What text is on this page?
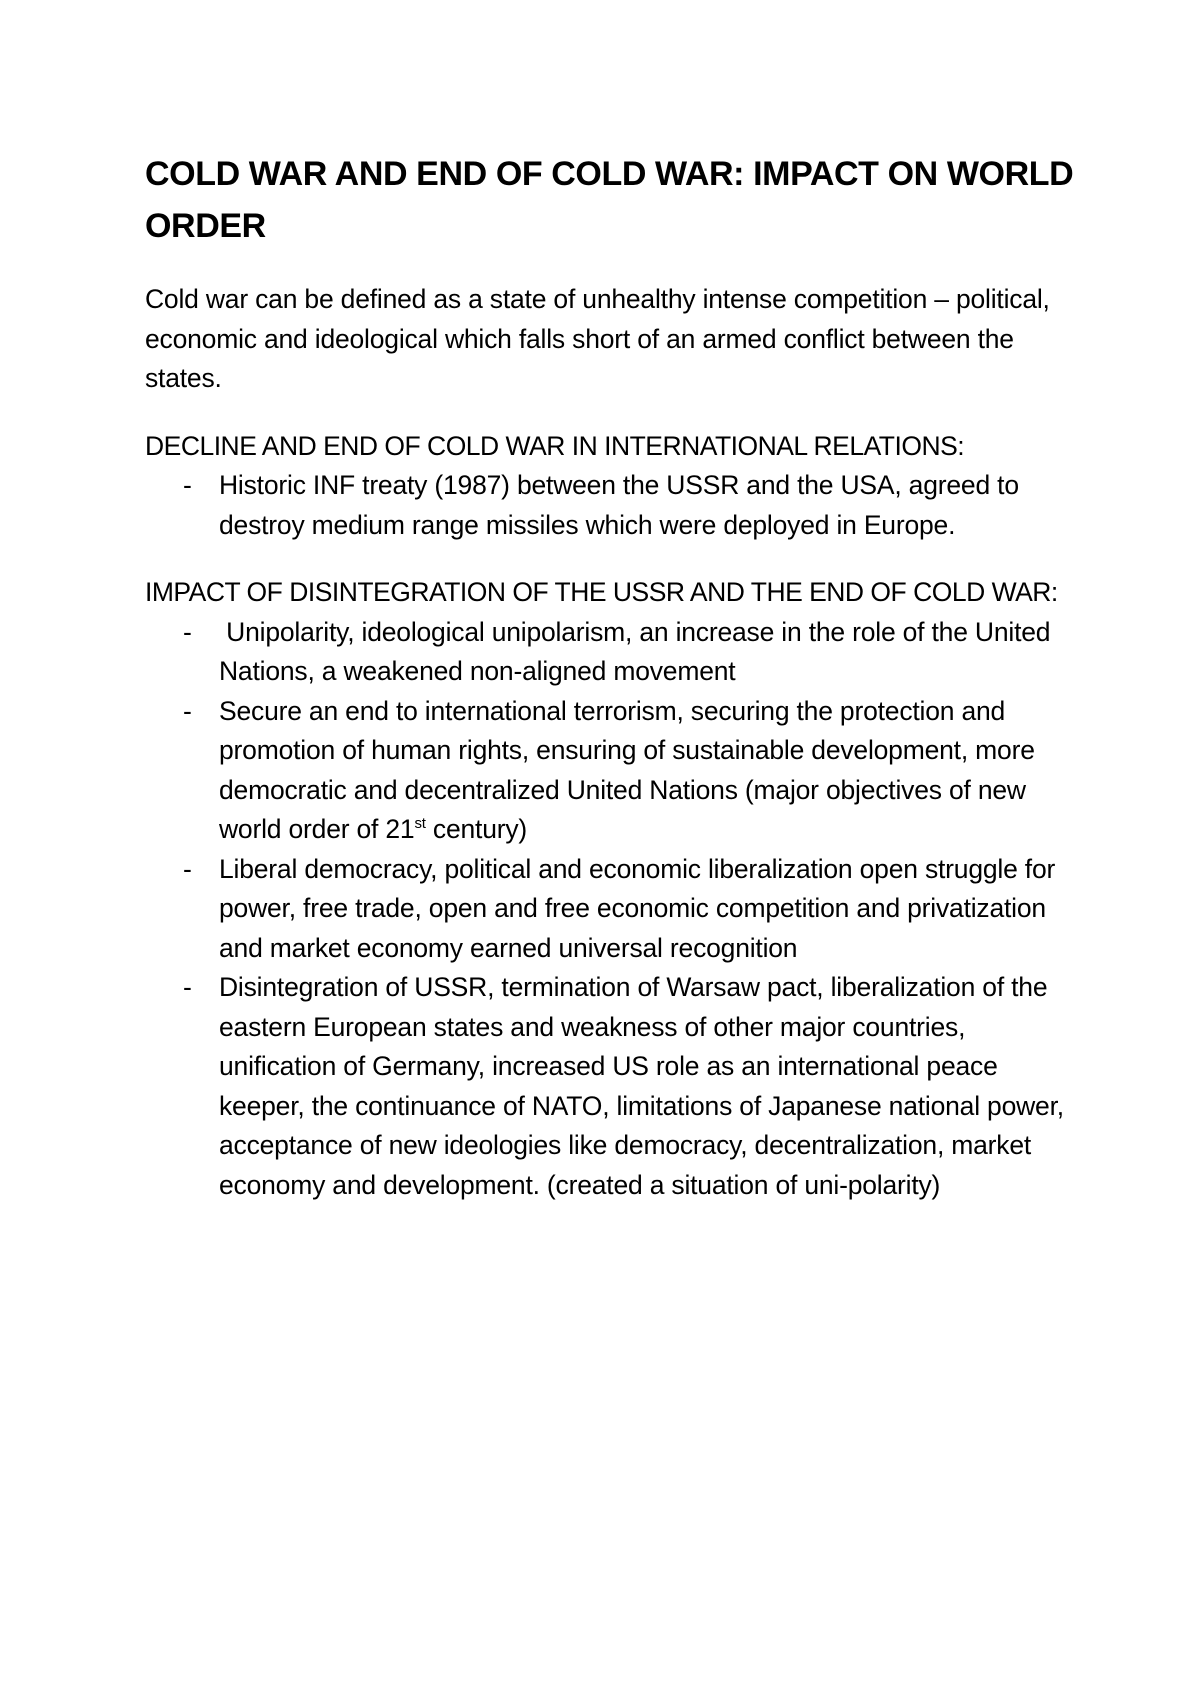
COLD WAR AND END OF COLD WAR: IMPACT ON WORLD ORDER

Cold war can be defined as a state of unhealthy intense competition – political, economic and ideological which falls short of an armed conflict between the states.

DECLINE AND END OF COLD WAR IN INTERNATIONAL RELATIONS:

- Historic INF treaty (1987) between the USSR and the USA, agreed to destroy medium range missiles which were deployed in Europe.

IMPACT OF DISINTEGRATION OF THE USSR AND THE END OF COLD WAR:

- Unipolarity, ideological unipolarism, an increase in the role of the United Nations, a weakened non-aligned movement
- Secure an end to international terrorism, securing the protection and promotion of human rights, ensuring of sustainable development, more democratic and decentralized United Nations (major objectives of new world order of 21st century)
- Liberal democracy, political and economic liberalization open struggle for power, free trade, open and free economic competition and privatization and market economy earned universal recognition
- Disintegration of USSR, termination of Warsaw pact, liberalization of the eastern European states and weakness of other major countries, unification of Germany, increased US role as an international peace keeper, the continuance of NATO, limitations of Japanese national power, acceptance of new ideologies like democracy, decentralization, market economy and development. (created a situation of uni-polarity)
